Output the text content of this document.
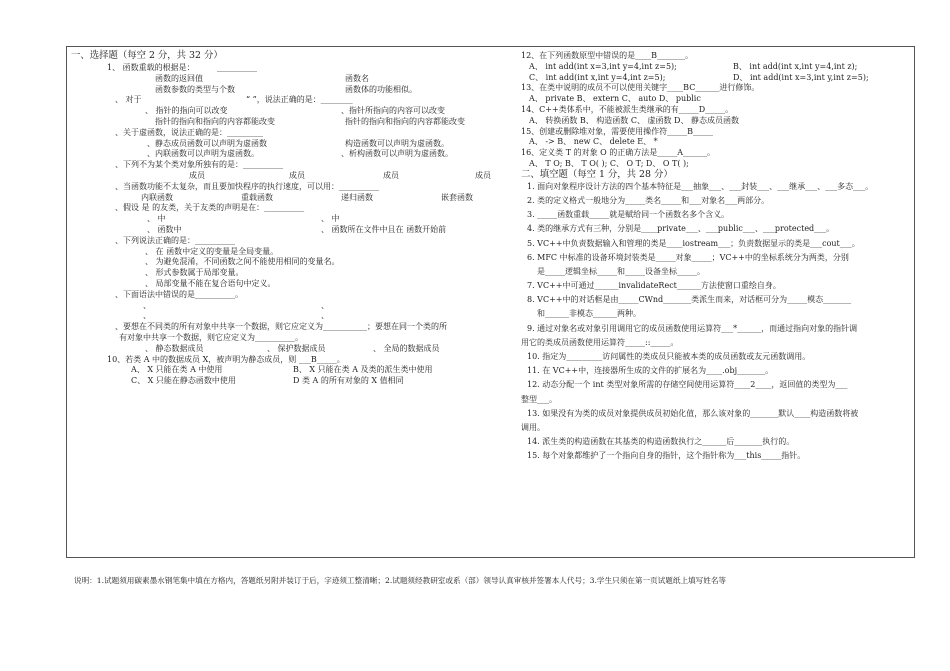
一、选择题（每空 2 分，共 32 分）
1、 函数重载的根据是：	__________
函数的返回值	函数名
函数参数的类型与个数	函数体的功能相似。
、 对于	“ ”，说法正确的是：________
、 指针的指向可以改变	、指针所指向的内容可以改变
指针的指向和指向的内容都能改变	指针的指向和指向的内容都能改变
、关于虚函数，说法正确的是：_________
、静态成员函数可以声明为虚函数	构造函数可以声明为虚函数。
、内联函数可以声明为虚函数。	、析构函数可以声明为虚函数。
、下列不为某个类对象所独有的是：__________
成员	成员	成员	成员
、当函数功能不太复杂，而且要加快程序的执行速度，可以用：__________
内联函数	重载函数	递归函数	嵌套函数
、假设 是 的友类，关于友类的声明是在：__________
、 中	、 中
、 函数中	、 函数所在文件中且在 函数开始前
、下列说法正确的是：__________
、 在 函数中定义的变量是全局变量。
、 为避免混淆，不同函数之间不能使用相同的变量名。
、 形式参数属于局部变量。
、 局部变量不能在复合语句中定义。
、下面语法中错误的是__________。
、	、
、	、
、要想在不同类的所有对象中共享一个数据，则它应定义为___________；要想在同一个类的所
有对象中共享一个数据，则它应定义为__________。
、 静态数据成员	、 保护数据成员	、 全局的数据成员
10、若类 A 中的数据成员 X，被声明为静态成员，则 ___B_____。
A、 X 只能在类 A 中使用	B、 X 只能在类 A 及类的派生类中使用
C、 X 只能在静态函数中使用	D 类 A 的所有对象的 X 值相同
12、在下列函数原型中错误的是____B_______。
A、 int add(int x=3,int y=4,int z=5);	B、 int add(int x,int y=4,int z);
C、 int add(int x,int y=4,int z=5);	D、 int add(int x=3,int y,int z=5);
13、在类中说明的成员不可以使用关键字____BC______进行修饰。
A、 private B、 extern C、 auto D、 public
14、C++类体系中，不能被派生类继承的有_____D_____。
A、 转换函数 B、 构造函数 C、 虚函数 D、 静态成员函数
15、创建或删除堆对象，需要使用操作符_____B_____
A、 -> B、 new C、 delete E、 *
16、定义类 T 的对象 O 的正确方法是_____A______。
A、 T O; B、 T O( ); C、 O T; D、 O T( );
二、填空题（每空 1 分，共 28 分）
1. 面向对象程序设计方法的四个基本特征是___抽象___、___封装___、___继承___、___多态___。
2. 类的定义格式一般地分为_____类名_____和___对象名___两部分。
3. _____函数重载_____就是赋给同一个函数名多个含义。
4. 类的继承方式有三种，分别是____private___、___public___、___protected___。
5. VC++中负责数据输入和管理的类是____iostream___；负责数据显示的类是___cout___。
6. MFC 中标准的设备环境封装类是_____对象_____；VC++中的坐标系统分为两类，分别
是_____逻辑坐标_____和_____设备坐标_____。
7. VC++中可通过______invalidateRect______方法使窗口重绘自身。
8. VC++中的对话框是由_____CWnd_______类派生而来，对话框可分为_____模态_______
和______非模态______两种。
9. 通过对象名或对象引用调用它的成员函数使用运算符___*______，而通过指向对象的指针调
用它的类成员函数使用运算符_____::_____。
10. 指定为_________访问属性的类成员只能被本类的成员函数或友元函数调用。
11. 在 VC++中，连接器所生成的文件的扩展名为____.obj_______。
12. 动态分配一个 int 类型对象所需的存储空间使用运算符____2____，返回值的类型为___
整型___。
13. 如果没有为类的成员对象提供成员初始化值，那么该对象的_______默认____构造函数将被
调用。
14. 派生类的构造函数在其基类的构造函数执行之______后_______执行的。
15. 每个对象都维护了一个指向自身的指针，这个指针称为___this_____指针。
说明：1.试题须用碳素墨水钢笔集中填在方格内，答题纸另附并装订于后，字迹须工整清晰；2.试题须经教研室或系（部）领导认真审核并签署本人代号；3.学生只须在第一页试题纸上填写姓名等
